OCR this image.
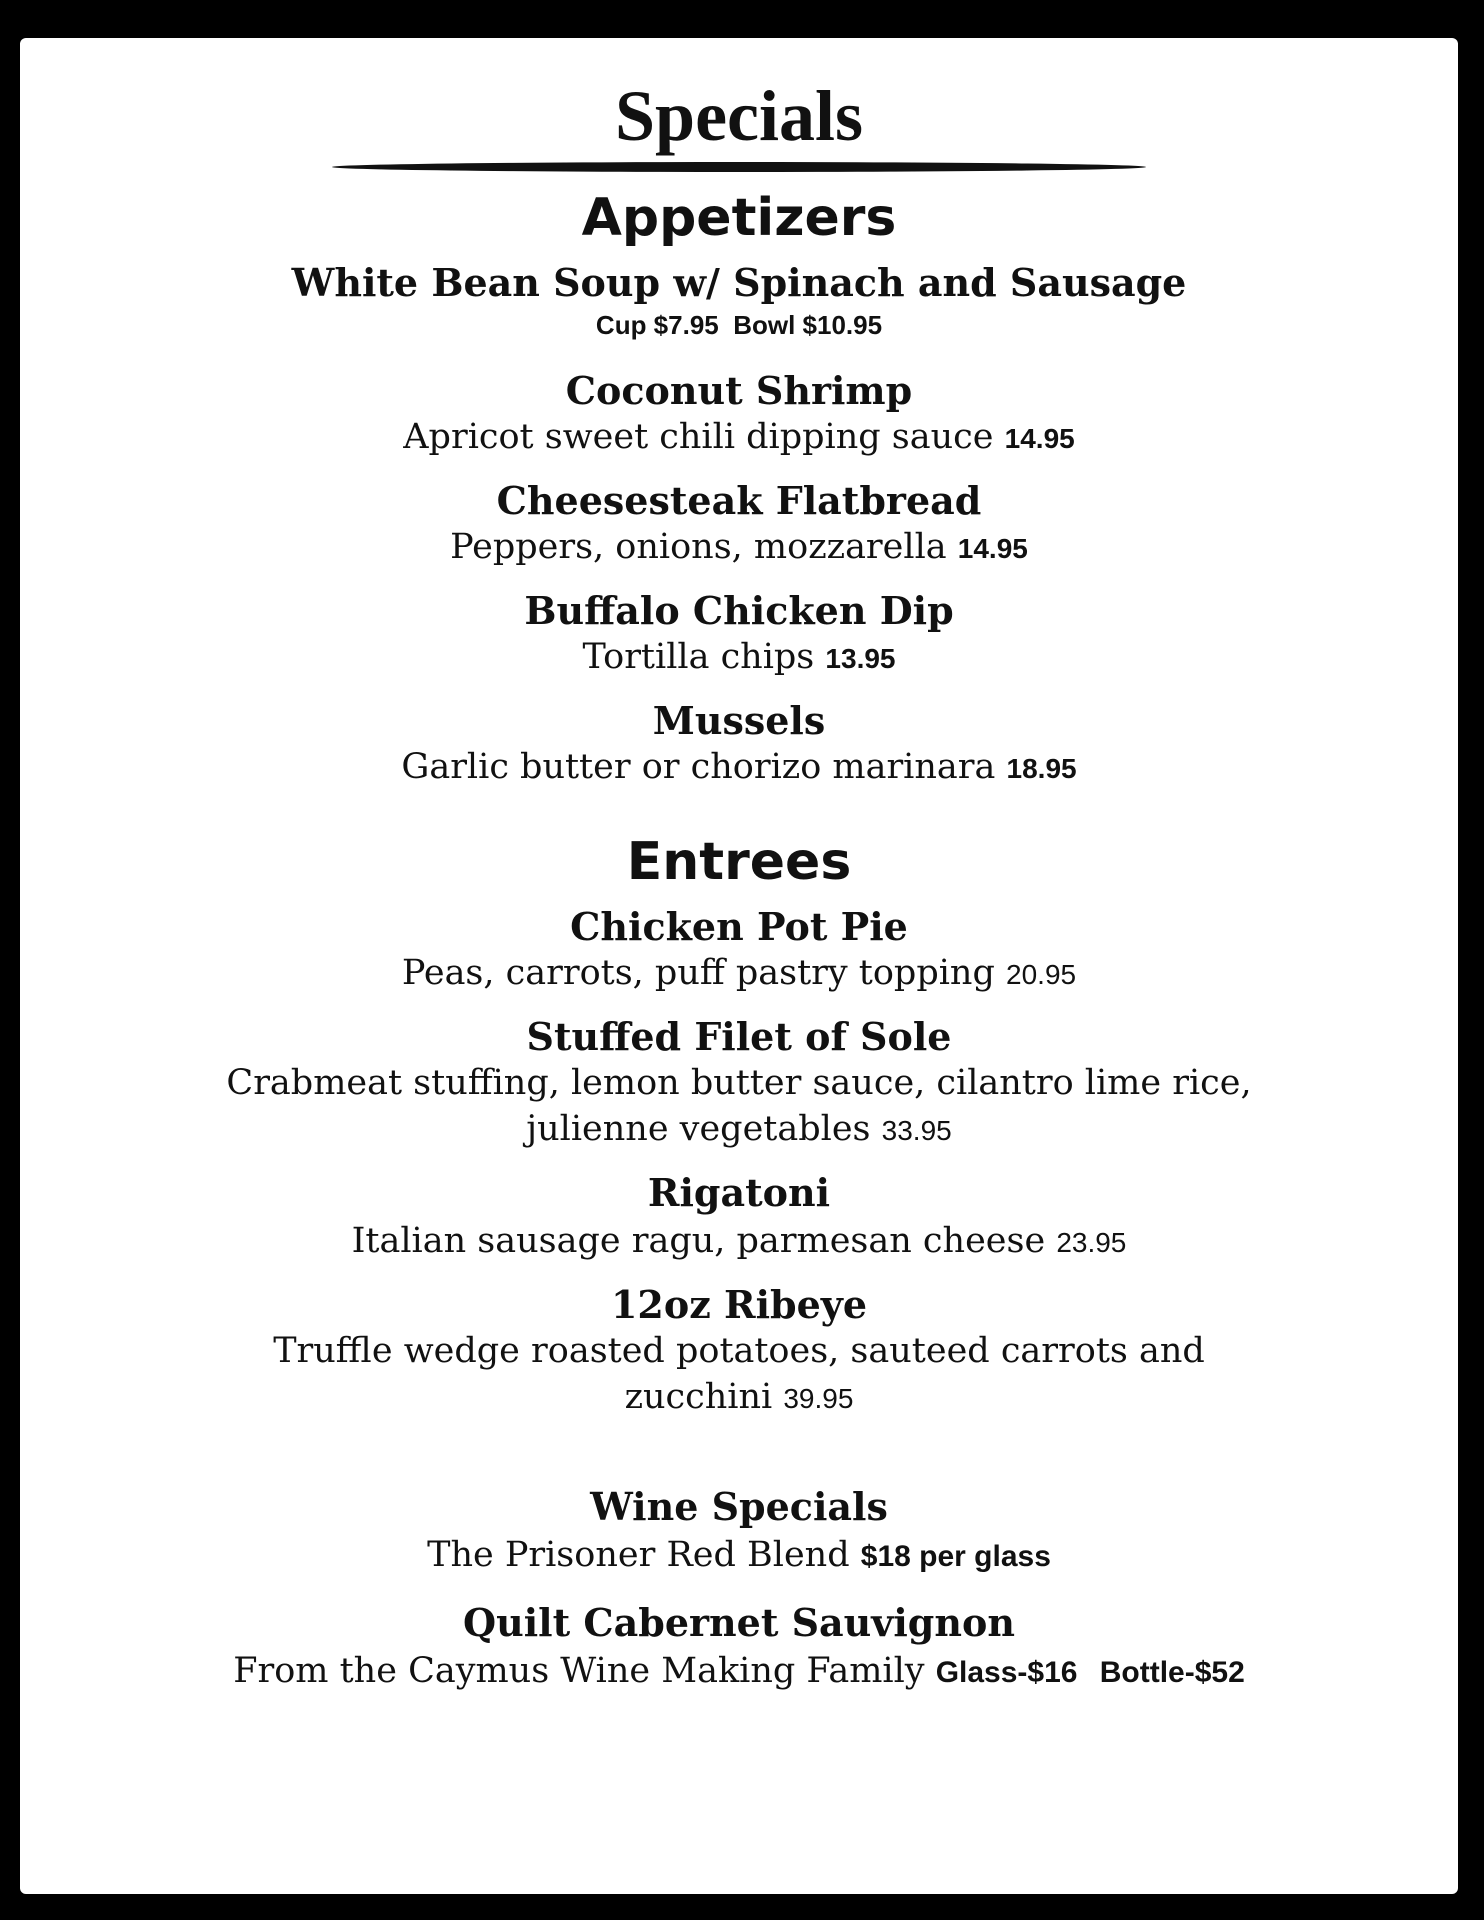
Specials
Appetizers

White Bean Soup w/ Spinach and Sausage

Cup $7.95 Bowl $10.95

Coconut Shrimp

Apricot sweet chili dipping sauce 14.95

Cheesesteak Flatbread

Peppers, onions, mozzarella 14.95

Buffalo Chicken Dip

Tortilla chips 13.95

Mussels

Garlic butter or chorizo marinara 18.95

Entrees

Chicken Pot Pie

Peas, carrots, puff pastry topping 20.95

Stuffed Filet of Sole

Crabmeat stuffing, lemon butter sauce, cilantro lime rice,

julienne vegetables 33.95

Rigatoni

Italian sausage ragu, parmesan cheese 23.95

12oz Ribeye

Truffle wedge roasted potatoes, sauteed carrots and

zucchini 39.95

Wine Specials

The Prisoner Red Blend $18 per glass

Quilt Cabernet Sauvignon

From the Caymus Wine Making Family Glass-$16 Bottle-$52
